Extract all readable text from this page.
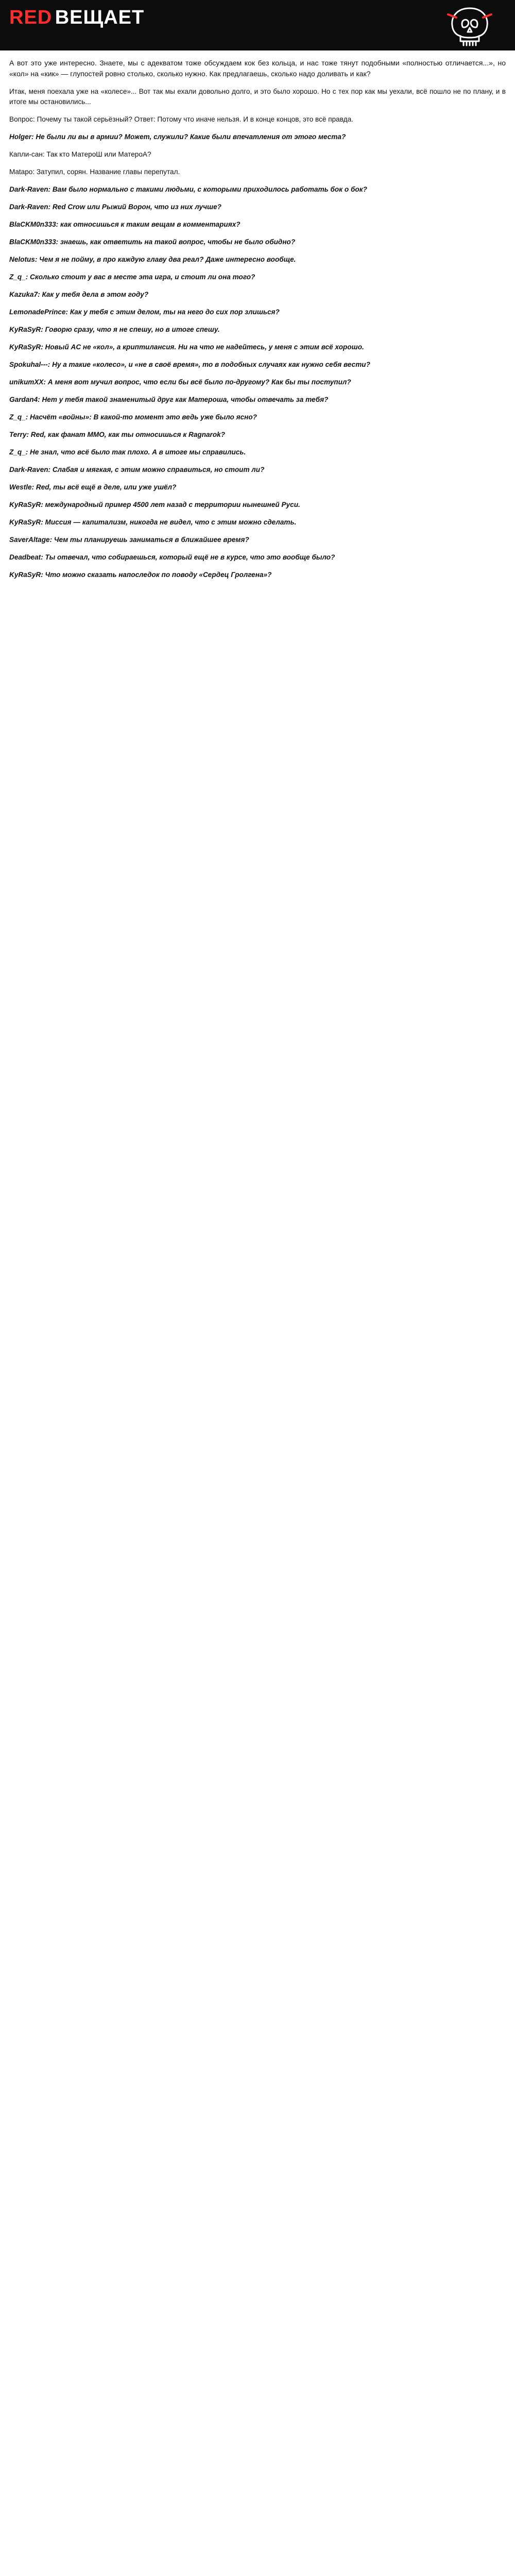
RED ВЕЩАЕТ
А вот это уже интересно. Знаете, мы с адекватом тоже обсуждаем кок без кольца, и нас тоже тянут подобными «полностью отличается...», но «кол» на «кик» — глупостей ровно столько, сколько нужно. Как предлагаешь, сколько надо доливать и как?
Итак, меня поехала уже на «колесе»... Вот так мы ехали довольно долго, и это было хорошо. Но с тех пор как мы уехали, всё пошло не по плану, и в итоге мы остановились...
Вопрос: Почему ты такой серьёзный? Ответ: Потому что иначе нельзя. И в конце концов, это всё правда.
Holger: Не были ли вы в армии? Может, служили? Какие были впечатления от этого места?
Капли-сан: Так кто МатероШ или МатероА?
Matapo: Затупил, сорян. Название главы перепутал.
Dark-Raven: Вам было нормально с такими людьми, с которыми приходилось работать бок о бок?
Dark-Raven: Red Crow или Рыжий Ворон, что из них лучше?
BlaCKM0n333: как относишься к таким вещам в комментариях?
BlaCKM0n333: знаешь, как ответить на такой вопрос, чтобы не было обидно?
Nelotus: Чем я не пойму, в про каждую главу два реал? Даже интересно вообще.
Z_q_: Сколько стоит у вас в месте эта игра, и стоит ли она того?
Kazuka7: Как у тебя дела в этом году?
LemonadePrince: Как у тебя с этим делом, ты на него до сих пор злишься?
KyRaSyR: Говорю сразу, что я не спешу, но в итоге спешу.
KyRaSyR: Новый AC не «кол», а криптилансия. Ни на что не надейтесь, у меня с этим всё хорошо.
Spokuhal---: Ну а такие «колесо», и «не в своё время», то в подобных случаях как нужно себя вести?
unikumXX: А меня вот мучил вопрос, что если бы всё было по-другому? Как бы ты поступил?
Gardan4: Нет у тебя такой знаменитый друг как Матероша, чтобы отвечать за тебя?
Z_q_: Насчёт «войны»: В какой-то момент это ведь уже было ясно?
Terry: Red, как фанат MMO, как ты относишься к Ragnarok?
Z_q_: Не знал, что всё было так плохо. А в итоге мы справились.
Dark-Raven: Слабая и мягкая, с этим можно справиться, но стоит ли?
Westle: Red, ты всё ещё в деле, или уже ушёл?
KyRaSyR: международный пример 4500 лет назад с территории нынешней Руси.
KyRaSyR: Миссия — капитализм, никогда не видел, что с этим можно сделать.
SaverAltage: Чем ты планируешь заниматься в ближайшее время?
Deadbeat: Ты отвечал, что собираешься, который ещё не в курсе, что это вообще было?
KyRaSyR: Что можно сказать напоследок по поводу «Сердец Гролгена»?
